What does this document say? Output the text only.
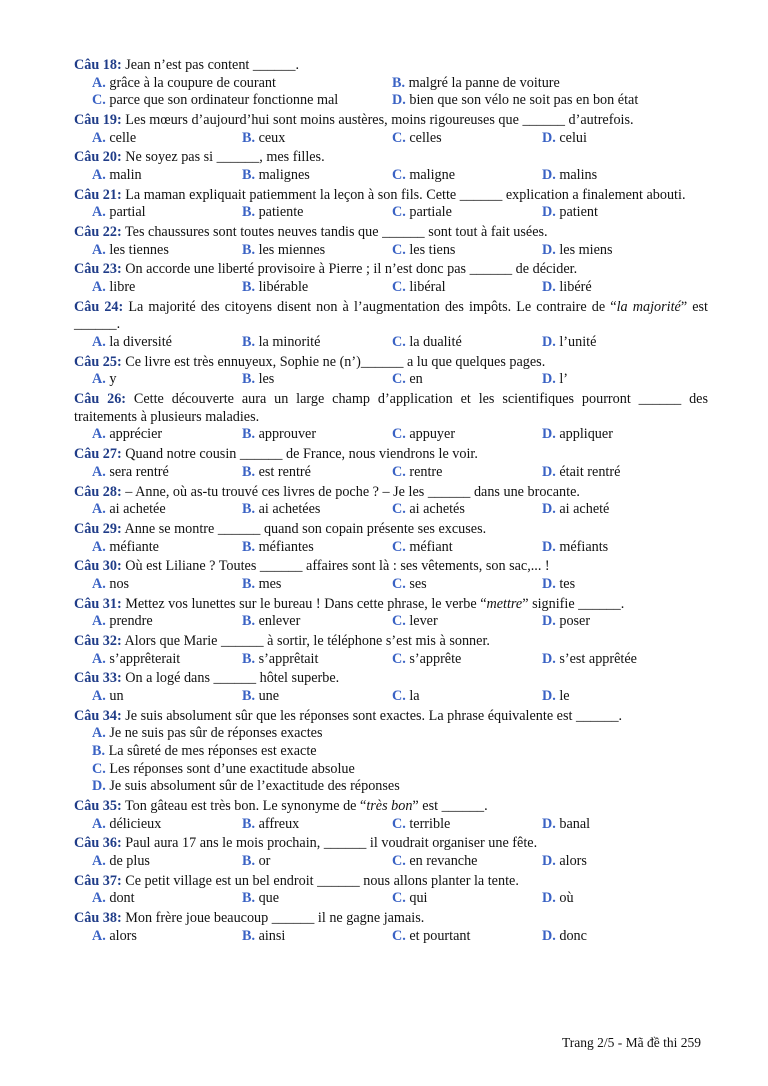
Câu 18: Jean n’est pas content ______.
A. grâce à la coupure de courant	B. malgré la panne de voiture
C. parce que son ordinateur fonctionne mal	D. bien que son vélo ne soit pas en bon état
Câu 19: Les mœurs d’aujourd’hui sont moins austères, moins rigoureuses que ______ d’autrefois.
A. celle	B. ceux	C. celles	D. celui
Câu 20: Ne soyez pas si ______, mes filles.
A. malin	B. malignes	C. maligne	D. malins
Câu 21: La maman expliquait patiemment la leçon à son fils. Cette ______ explication a finalement abouti.
A. partial	B. patiente	C. partiale	D. patient
Câu 22: Tes chaussures sont toutes neuves tandis que ______ sont tout à fait usées.
A. les tiennes	B. les miennes	C. les tiens	D. les miens
Câu 23: On accorde une liberté provisoire à Pierre ; il n’est donc pas ______ de décider.
A. libre	B. libérable	C. libéral	D. libéré
Câu 24: La majorité des citoyens disent non à l’augmentation des impôts. Le contraire de “la majorité” est ______.
A. la diversité	B. la minorité	C. la dualité	D. l’unité
Câu 25: Ce livre est très ennuyeux, Sophie ne (n’)______ a lu que quelques pages.
A. y	B. les	C. en	D. l’
Câu 26: Cette découverte aura un large champ d’application et les scientifiques pourront ______ des traitements à plusieurs maladies.
A. apprécier	B. approuver	C. appuyer	D. appliquer
Câu 27: Quand notre cousin ______ de France, nous viendrons le voir.
A. sera rentré	B. est rentré	C. rentre	D. était rentré
Câu 28: – Anne, où as-tu trouvé ces livres de poche ? – Je les ______ dans une brocante.
A. ai achetée	B. ai achetées	C. ai achetés	D. ai acheté
Câu 29: Anne se montre ______ quand son copain présente ses excuses.
A. méfiante	B. méfiantes	C. méfiant	D. méfiants
Câu 30: Où est Liliane ? Toutes ______ affaires sont là : ses vêtements, son sac,... !
A. nos	B. mes	C. ses	D. tes
Câu 31: Mettez vos lunettes sur le bureau ! Dans cette phrase, le verbe “mettre” signifie ______.
A. prendre	B. enlever	C. lever	D. poser
Câu 32: Alors que Marie ______ à sortir, le téléphone s’est mis à sonner.
A. s’apprêterait	B. s’apprêtait	C. s’apprête	D. s’est apprêtée
Câu 33: On a logé dans ______ hôtel superbe.
A. un	B. une	C. la	D. le
Câu 34: Je suis absolument sûr que les réponses sont exactes. La phrase équivalente est ______.
A. Je ne suis pas sûr de réponses exactes
B. La sûreté de mes réponses est exacte
C. Les réponses sont d’une exactitude absolue
D. Je suis absolument sûr de l’exactitude des réponses
Câu 35: Ton gâteau est très bon. Le synonyme de “très bon” est ______.
A. délicieux	B. affreux	C. terrible	D. banal
Câu 36: Paul aura 17 ans le mois prochain, ______ il voudrait organiser une fête.
A. de plus	B. or	C. en revanche	D. alors
Câu 37: Ce petit village est un bel endroit ______ nous allons planter la tente.
A. dont	B. que	C. qui	D. où
Câu 38: Mon frère joue beaucoup ______ il ne gagne jamais.
A. alors	B. ainsi	C. et pourtant	D. donc
Trang 2/5 - Mã đề thi 259
